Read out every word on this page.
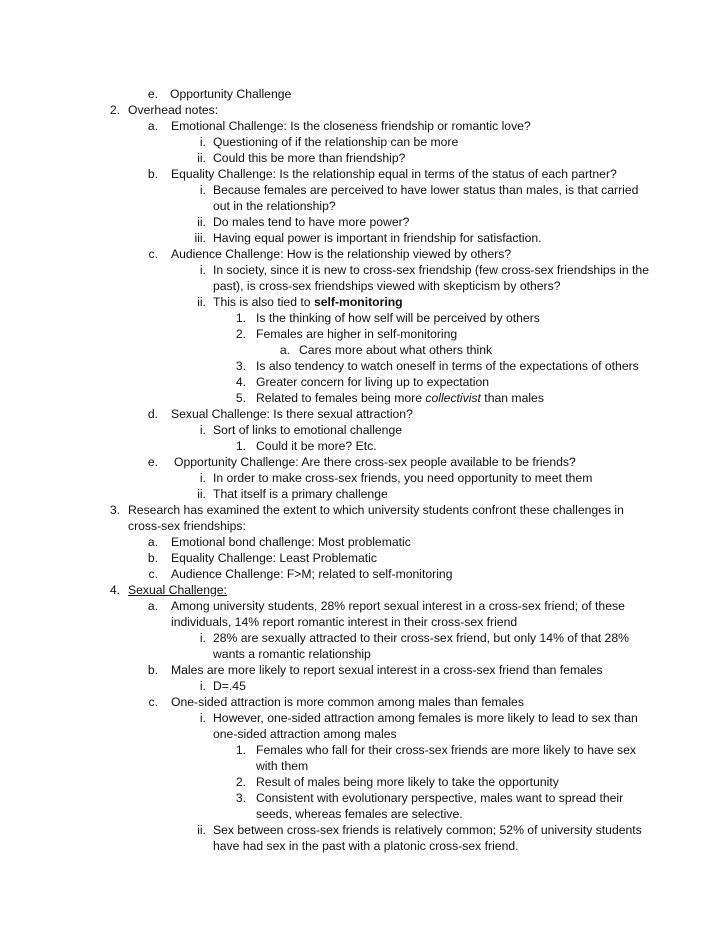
e. Opportunity Challenge
2. Overhead notes:
a. Emotional Challenge: Is the closeness friendship or romantic love?
i. Questioning of if the relationship can be more
ii. Could this be more than friendship?
b. Equality Challenge: Is the relationship equal in terms of the status of each partner?
i. Because females are perceived to have lower status than males, is that carried
out in the relationship?
ii. Do males tend to have more power?
iii. Having equal power is important in friendship for satisfaction.
c. Audience Challenge: How is the relationship viewed by others?
i. In society, since it is new to cross-sex friendship (few cross-sex friendships in the
past), is cross-sex friendships viewed with skepticism by others?
ii. This is also tied to self-monitoring
1. Is the thinking of how self will be perceived by others
2. Females are higher in self-monitoring
a. Cares more about what others think
3. Is also tendency to watch oneself in terms of the expectations of others
4. Greater concern for living up to expectation
5. Related to females being more collectivist than males
d. Sexual Challenge: Is there sexual attraction?
i. Sort of links to emotional challenge
1. Could it be more? Etc.
e. Opportunity Challenge: Are there cross-sex people available to be friends?
i. In order to make cross-sex friends, you need opportunity to meet them
ii. That itself is a primary challenge
3. Research has examined the extent to which university students confront these challenges in
cross-sex friendships:
a. Emotional bond challenge: Most problematic
b. Equality Challenge: Least Problematic
c. Audience Challenge: F>M; related to self-monitoring
4. Sexual Challenge:
a. Among university students, 28% report sexual interest in a cross-sex friend; of these
individuals, 14% report romantic interest in their cross-sex friend
i. 28% are sexually attracted to their cross-sex friend, but only 14% of that 28%
wants a romantic relationship
b. Males are more likely to report sexual interest in a cross-sex friend than females
i. D=.45
c. One-sided attraction is more common among males than females
i. However, one-sided attraction among females is more likely to lead to sex than
one-sided attraction among males
1. Females who fall for their cross-sex friends are more likely to have sex
with them
2. Result of males being more likely to take the opportunity
3. Consistent with evolutionary perspective, males want to spread their
seeds, whereas females are selective.
ii. Sex between cross-sex friends is relatively common; 52% of university students
have had sex in the past with a platonic cross-sex friend.
